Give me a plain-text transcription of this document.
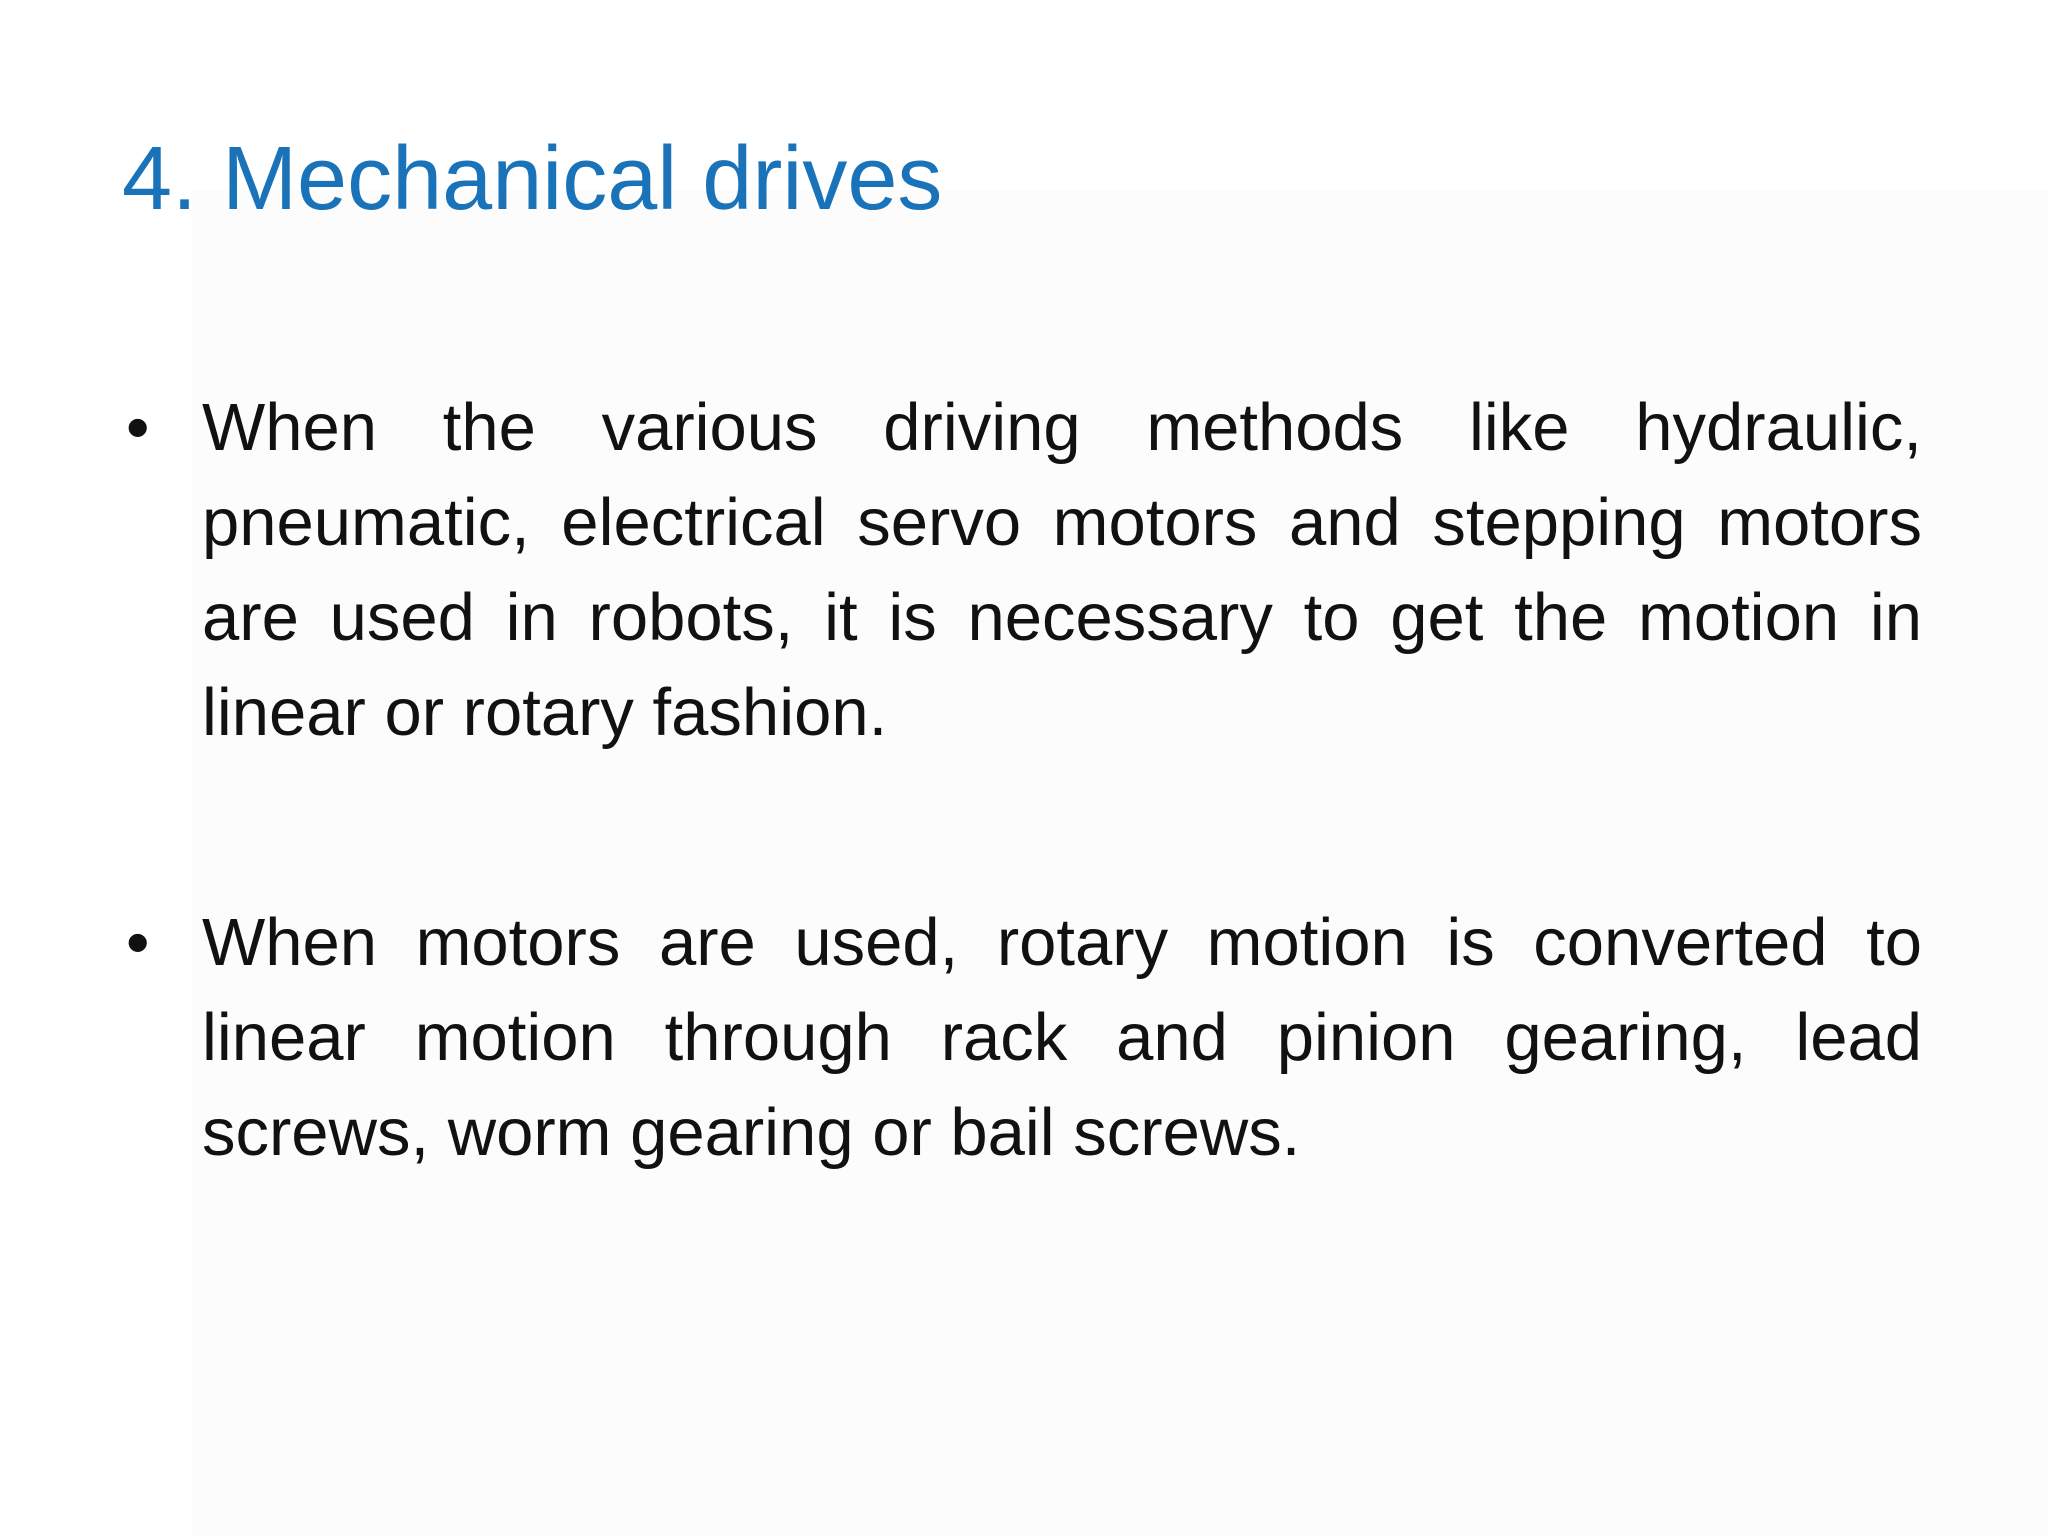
4. Mechanical drives
• When the various driving methods like hydraulic, pneumatic, electrical servo motors and stepping motors are used in robots, it is necessary to get the motion in linear or rotary fashion.
• When motors are used, rotary motion is converted to linear motion through rack and pinion gearing, lead screws, worm gearing or bail screws.
